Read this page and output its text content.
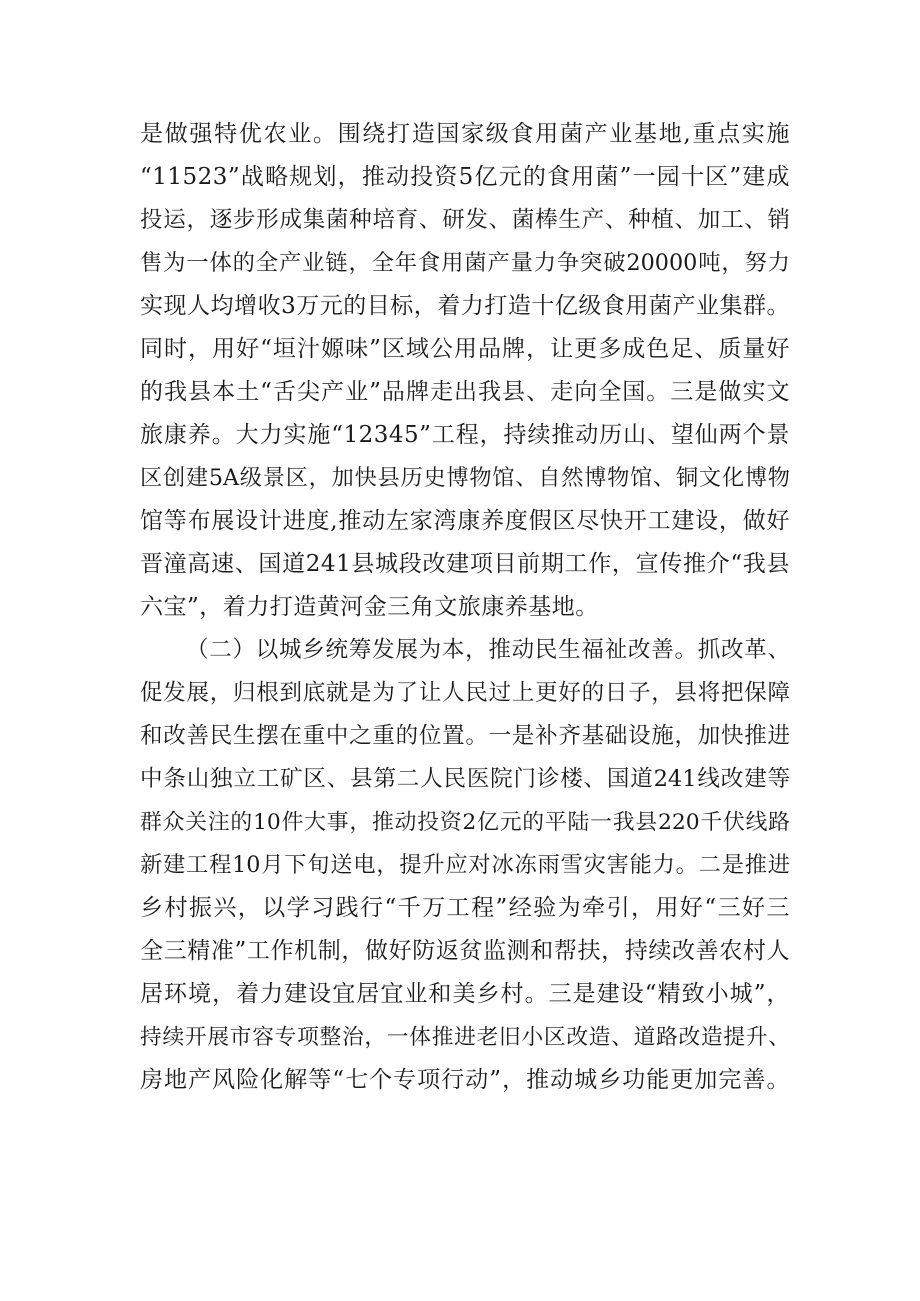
是做强特优农业。围绕打造国家级食用菌产业基地,重点实施
“11523”战略规划，推动投资5亿元的食用菌”一园十区”建成
投运，逐步形成集菌种培育、研发、菌棒生产、种植、加工、销
售为一体的全产业链，全年食用菌产量力争突破20000吨，努力
实现人均增收3万元的目标，着力打造十亿级食用菌产业集群。
同时，用好“垣汁嫄味”区域公用品牌，让更多成色足、质量好
的我县本土“舌尖产业”品牌走出我县、走向全国。三是做实文
旅康养。大力实施“12345”工程，持续推动历山、望仙两个景
区创建5A级景区，加快县历史博物馆、自然博物馆、铜文化博物
馆等布展设计进度,推动左家湾康养度假区尽快开工建设，做好
晋潼高速、国道241县城段改建项目前期工作，宣传推介“我县
六宝”，着力打造黄河金三角文旅康养基地。
（二）以城乡统筹发展为本，推动民生福祉改善。抓改革、
促发展，归根到底就是为了让人民过上更好的日子，县将把保障
和改善民生摆在重中之重的位置。一是补齐基础设施，加快推进
中条山独立工矿区、县第二人民医院门诊楼、国道241线改建等
群众关注的10件大事，推动投资2亿元的平陆一我县220千伏线路
新建工程10月下旬送电，提升应对冰冻雨雪灾害能力。二是推进
乡村振兴，以学习践行“千万工程”经验为牵引，用好“三好三
全三精准”工作机制，做好防返贫监测和帮扶，持续改善农村人
居环境，着力建设宜居宜业和美乡村。三是建设“精致小城”，
持续开展市容专项整治，一体推进老旧小区改造、道路改造提升、
房地产风险化解等“七个专项行动”，推动城乡功能更加完善。
